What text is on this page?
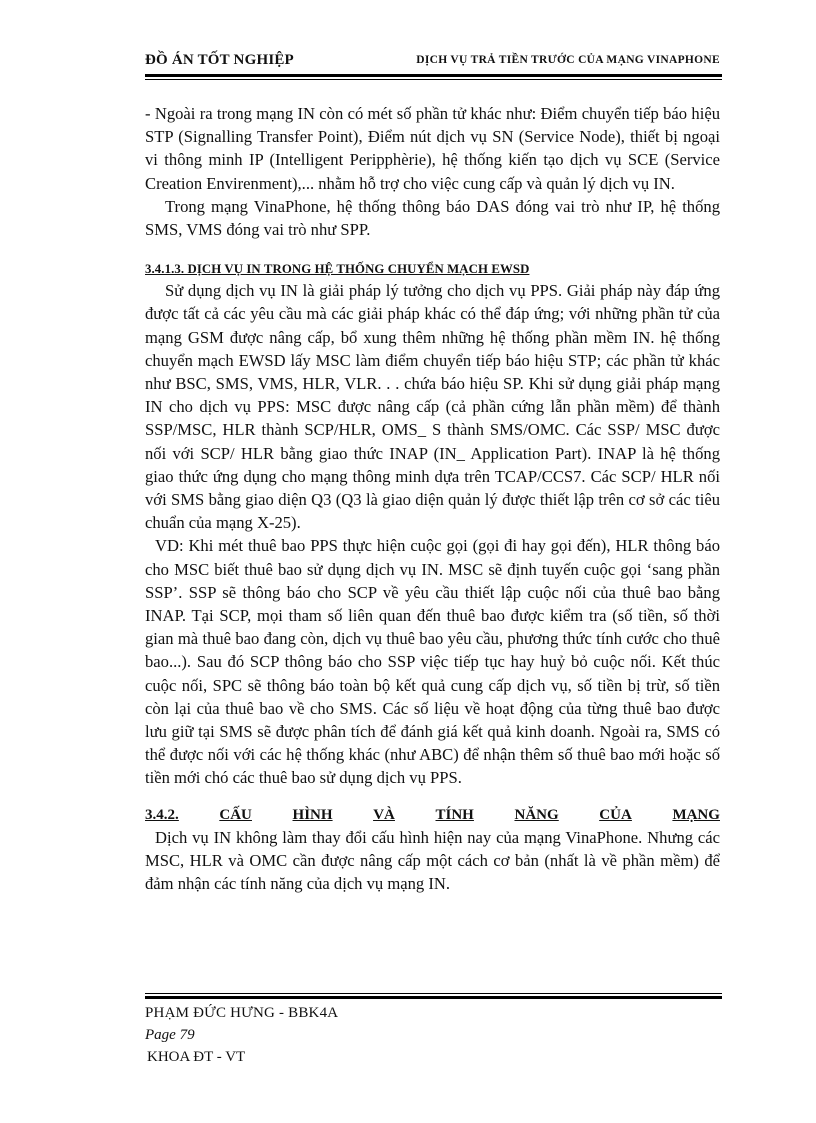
ĐỒ ÁN TỐT NGHIỆP	DỊCH VỤ TRẢ TIỀN TRƯỚC CỦA MẠNG VINAPHONE

- Ngoài ra trong mạng IN còn có mét số phần tử khác như: Điểm chuyển tiếp báo hiệu STP (Signalling Transfer Point), Điểm nút dịch vụ SN (Service Node), thiết bị ngoại vi thông minh IP (Intelligent Peripphèrie), hệ thống kiến tạo dịch vụ SCE (Service Creation Envirenment),... nhằm hỗ trợ cho việc cung cấp và quản lý dịch vụ IN.

Trong mạng VinaPhone, hệ thống thông báo DAS đóng vai trò như IP, hệ thống SMS, VMS đóng vai trò như SPP.

3.4.1.3. DỊCH VỤ IN TRONG HỆ THỐNG CHUYỂN MẠCH EWSD

Sử dụng dịch vụ IN là giải pháp lý tưởng cho dịch vụ PPS. Giải pháp này đáp ứng được tất cả các yêu cầu mà các giải pháp khác có thể đáp ứng; với những phần tử của mạng GSM được nâng cấp, bổ xung thêm những hệ thống phần mềm IN. hệ thống chuyển mạch EWSD lấy MSC làm điểm chuyển tiếp báo hiệu STP; các phần tử khác như BSC, SMS, VMS, HLR, VLR. . . chứa báo hiệu SP. Khi sử dụng giải pháp mạng IN cho dịch vụ PPS: MSC được nâng cấp (cả phần cứng lẫn phần mềm) để thành SSP/MSC, HLR thành SCP/HLR, OMS_ S thành SMS/OMC. Các SSP/ MSC được nối với SCP/ HLR bằng giao thức INAP (IN_ Application Part). INAP là hệ thống giao thức ứng dụng cho mạng thông minh dựa trên TCAP/CCS7. Các SCP/ HLR nối với SMS bằng giao diện Q3 (Q3 là giao diện quản lý được thiết lập trên cơ sở các tiêu chuẩn của mạng X-25).

VD: Khi mét thuê bao PPS thực hiện cuộc gọi (gọi đi hay gọi đến), HLR thông báo cho MSC biết thuê bao sử dụng dịch vụ IN. MSC sẽ định tuyến cuộc gọi ‘sang phần SSP’. SSP sẽ thông báo cho SCP về yêu cầu thiết lập cuộc nối của thuê bao bằng INAP. Tại SCP, mọi tham số liên quan đến thuê bao được kiểm tra (số tiền, số thời gian mà thuê bao đang còn, dịch vụ thuê bao yêu cầu, phương thức tính cước cho thuê bao...). Sau đó SCP thông báo cho SSP việc tiếp tục hay huỷ bỏ cuộc nối. Kết thúc cuộc nối, SPC sẽ thông báo toàn bộ kết quả cung cấp dịch vụ, số tiền bị trừ, số tiền còn lại của thuê bao về cho SMS. Các số liệu về hoạt động của từng thuê bao được lưu giữ tại SMS sẽ được phân tích để đánh giá kết quả kinh doanh. Ngoài ra, SMS có thể được nối với các hệ thống khác (như ABC) để nhận thêm số thuê bao mới hoặc số tiền mới chó các thuê bao sử dụng dịch vụ PPS.

3.4.2.	CẤU	HÌNH	VÀ	TÍNH	NĂNG	CỦA	MẠNG

Dịch vụ IN không làm thay đổi cấu hình hiện nay của mạng VinaPhone. Nhưng các MSC, HLR và OMC cần được nâng cấp một cách cơ bản (nhất là về phần mềm) để đảm nhận các tính năng của dịch vụ mạng IN.

PHẠM ĐỨC HƯNG - BBK4A
Page 79
KHOA ĐT - VT
